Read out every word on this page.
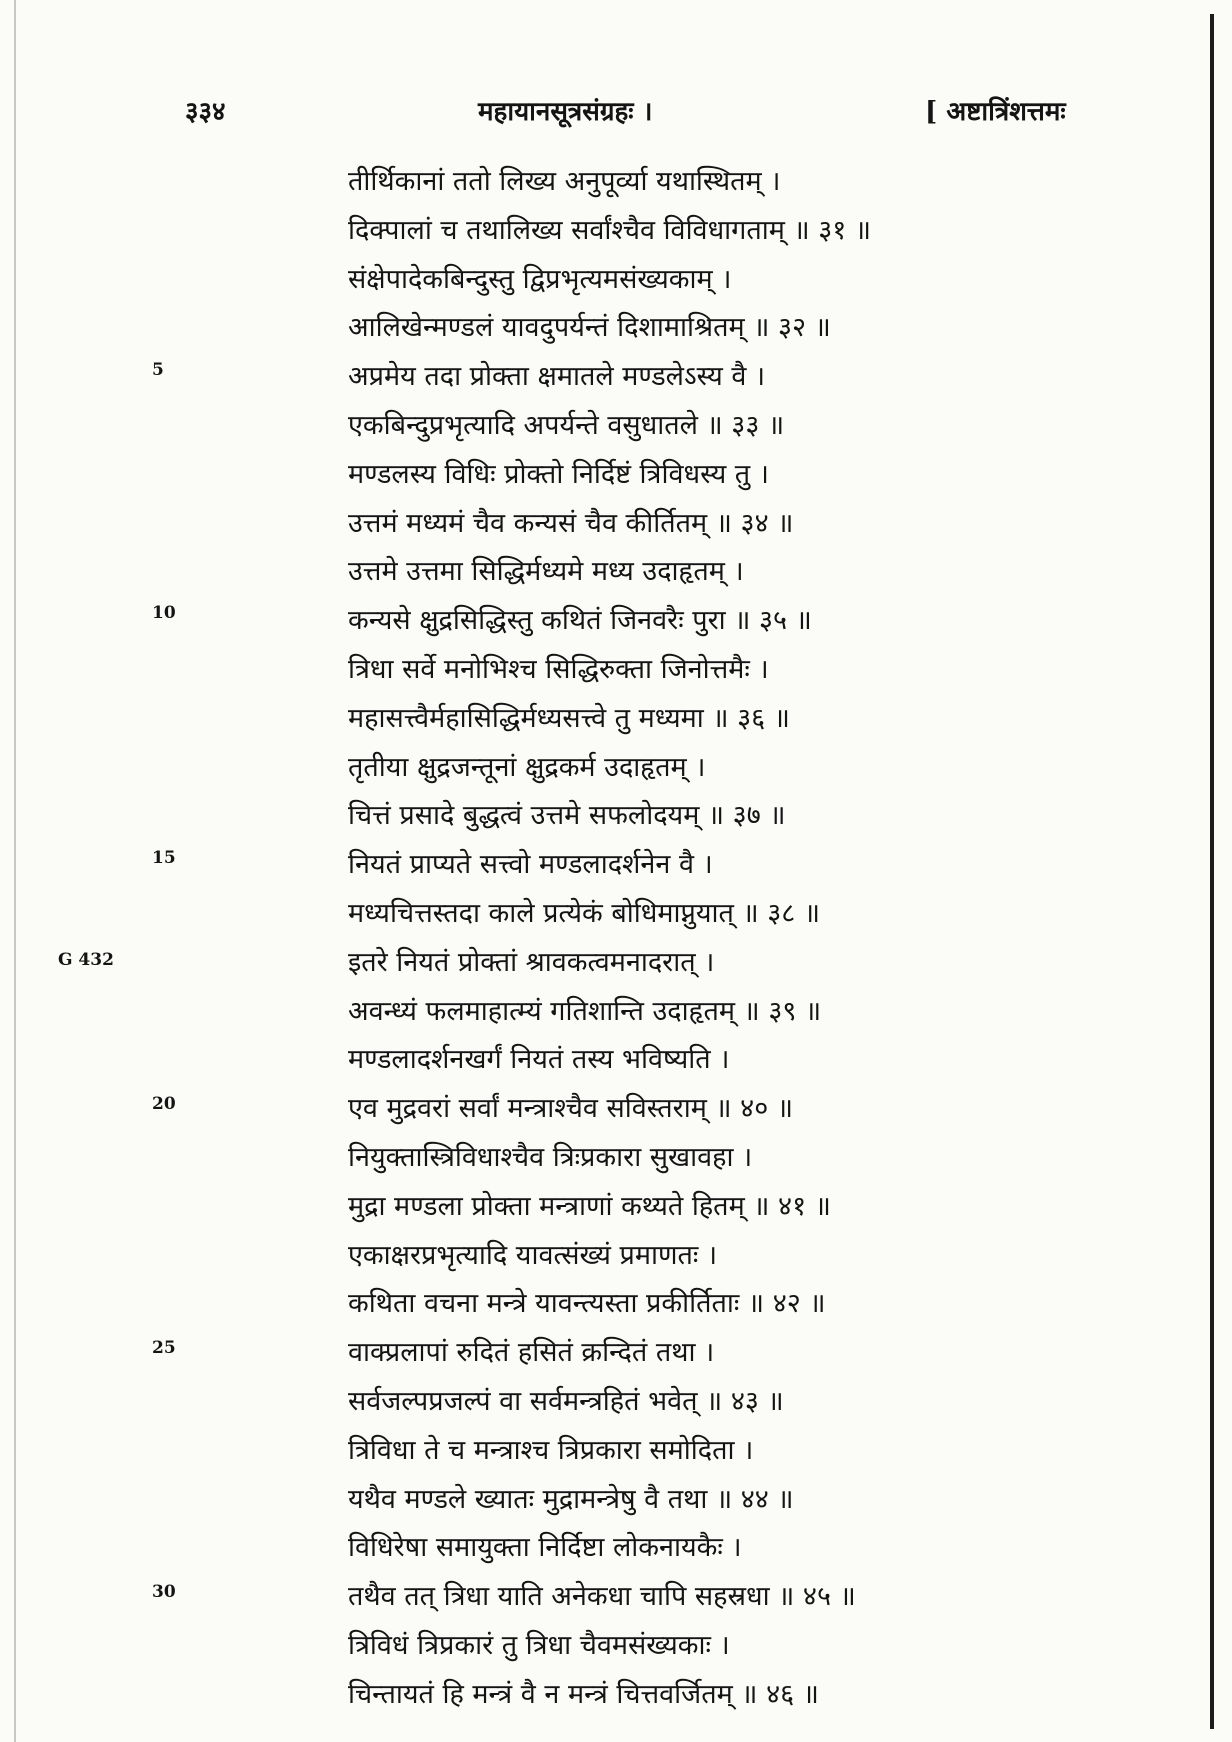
३३४	महायानसूत्रसंग्रहः ।	[ अष्टात्रिंशत्तमः
5
10
15
G 432
20
25
30
तीर्थिकानां ततो लिख्य अनुपूर्व्या यथास्थितम् ।
दिक्पालां च तथालिख्य सर्वांश्चैव विविधागताम् ॥ ३१ ॥
संक्षेपादेकबिन्दुस्तु द्विप्रभृत्यमसंख्यकाम् ।
आलिखेन्मण्डलं यावदुपर्यन्तं दिशामाश्रितम् ॥ ३२ ॥
अप्रमेय तदा प्रोक्ता क्षमातले मण्डलेऽस्य वै ।
एकबिन्दुप्रभृत्यादि अपर्यन्ते वसुधातले ॥ ३३ ॥
मण्डलस्य विधिः प्रोक्तो निर्दिष्टं त्रिविधस्य तु ।
उत्तमं मध्यमं चैव कन्यसं चैव कीर्तितम् ॥ ३४ ॥
उत्तमे उत्तमा सिद्धिर्मध्यमे मध्य उदाहृतम् ।
कन्यसे क्षुद्रसिद्धिस्तु कथितं जिनवरैः पुरा ॥ ३५ ॥
त्रिधा सर्वे मनोभिश्च सिद्धिरुक्ता जिनोत्तमैः ।
महासत्त्वैर्महासिद्धिर्मध्यसत्त्वे तु मध्यमा ॥ ३६ ॥
तृतीया क्षुद्रजन्तूनां क्षुद्रकर्म उदाहृतम् ।
चित्तं प्रसादे बुद्धत्वं उत्तमे सफलोदयम् ॥ ३७ ॥
नियतं प्राप्यते सत्त्वो मण्डलादर्शनेन वै ।
मध्यचित्तस्तदा काले प्रत्येकं बोधिमाप्नुयात् ॥ ३८ ॥
इतरे नियतं प्रोक्तां श्रावकत्वमनादरात् ।
अवन्ध्यं फलमाहात्म्यं गतिशान्ति उदाहृतम् ॥ ३९ ॥
मण्डलादर्शनखर्गं नियतं तस्य भविष्यति ।
एव मुद्रवरां सर्वां मन्त्राश्चैव सविस्तराम् ॥ ४० ॥
नियुक्तास्त्रिविधाश्चैव त्रिःप्रकारा सुखावहा ।
मुद्रा मण्डला प्रोक्ता मन्त्राणां कथ्यते हितम् ॥ ४१ ॥
एकाक्षरप्रभृत्यादि यावत्संख्यं प्रमाणतः ।
कथिता वचना मन्त्रे यावन्त्यस्ता प्रकीर्तिताः ॥ ४२ ॥
वाक्प्रलापां रुदितं हसितं क्रन्दितं तथा ।
सर्वजल्पप्रजल्पं वा सर्वमन्त्रहितं भवेत् ॥ ४३ ॥
त्रिविधा ते च मन्त्राश्च त्रिप्रकारा समोदिता ।
यथैव मण्डले ख्यातः मुद्रामन्त्रेषु वै तथा ॥ ४४ ॥
विधिरेषा समायुक्ता निर्दिष्टा लोकनायकैः ।
तथैव तत् त्रिधा याति अनेकधा चापि सहस्रधा ॥ ४५ ॥
त्रिविधं त्रिप्रकारं तु त्रिधा चैवमसंख्यकाः ।
चिन्तायतं हि मन्त्रं वै न मन्त्रं चित्तवर्जितम् ॥ ४६ ॥
